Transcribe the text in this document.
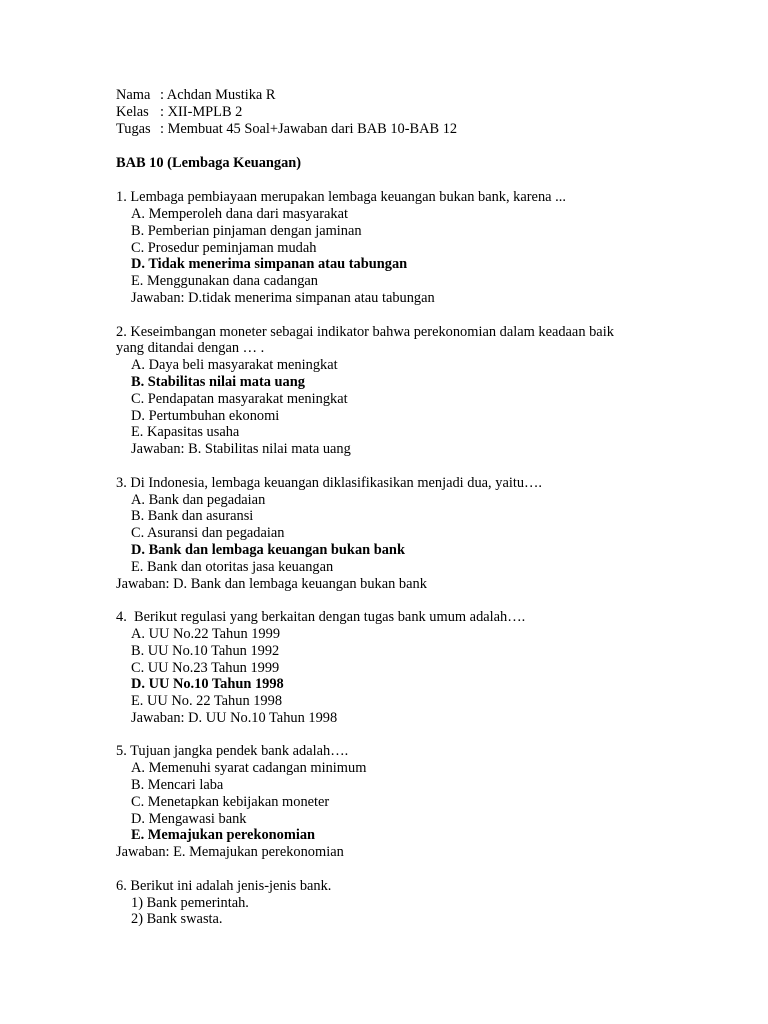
Nama : Achdan Mustika R
Kelas : XII-MPLB 2
Tugas : Membuat 45 Soal+Jawaban dari BAB 10-BAB 12
BAB 10 (Lembaga Keuangan)
1. Lembaga pembiayaan merupakan lembaga keuangan bukan bank, karena ...
A. Memperoleh dana dari masyarakat
B. Pemberian pinjaman dengan jaminan
C. Prosedur peminjaman mudah
D. Tidak menerima simpanan atau tabungan
E. Menggunakan dana cadangan
Jawaban: D.tidak menerima simpanan atau tabungan
2. Keseimbangan moneter sebagai indikator bahwa perekonomian dalam keadaan baik
yang ditandai dengan … .
A. Daya beli masyarakat meningkat
B. Stabilitas nilai mata uang
C. Pendapatan masyarakat meningkat
D. Pertumbuhan ekonomi
E. Kapasitas usaha
Jawaban: B. Stabilitas nilai mata uang
3. Di Indonesia, lembaga keuangan diklasifikasikan menjadi dua, yaitu….
A. Bank dan pegadaian
B. Bank dan asuransi
C. Asuransi dan pegadaian
D. Bank dan lembaga keuangan bukan bank
E. Bank dan otoritas jasa keuangan
Jawaban: D. Bank dan lembaga keuangan bukan bank
4.  Berikut regulasi yang berkaitan dengan tugas bank umum adalah….
A. UU No.22 Tahun 1999
B. UU No.10 Tahun 1992
C. UU No.23 Tahun 1999
D. UU No.10 Tahun 1998
E. UU No. 22 Tahun 1998
Jawaban: D. UU No.10 Tahun 1998
5. Tujuan jangka pendek bank adalah….
A. Memenuhi syarat cadangan minimum
B. Mencari laba
C. Menetapkan kebijakan moneter
D. Mengawasi bank
E. Memajukan perekonomian
Jawaban: E. Memajukan perekonomian
6. Berikut ini adalah jenis-jenis bank.
1) Bank pemerintah.
2) Bank swasta.
